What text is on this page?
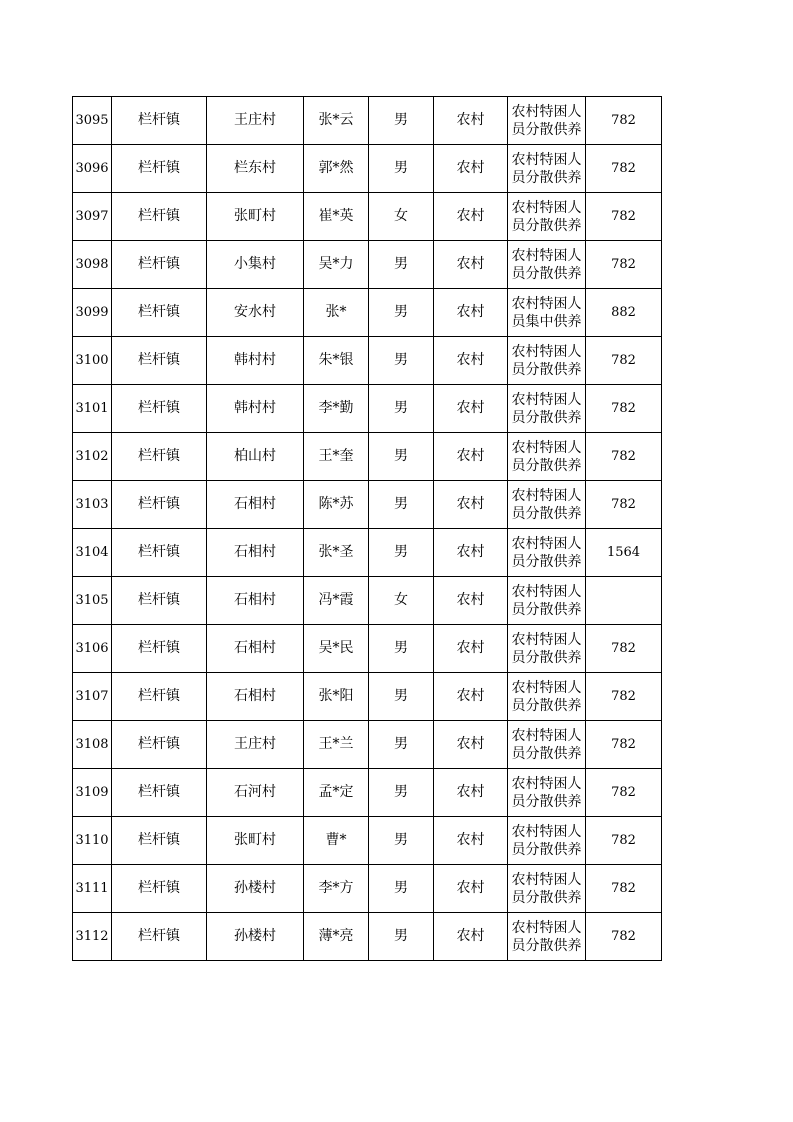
3095	栏杆镇	王庄村	张*云	男	农村	农村特困人员分散供养	782
3096	栏杆镇	栏东村	郭*然	男	农村	农村特困人员分散供养	782
3097	栏杆镇	张町村	崔*英	女	农村	农村特困人员分散供养	782
3098	栏杆镇	小集村	吴*力	男	农村	农村特困人员分散供养	782
3099	栏杆镇	安水村	张*	男	农村	农村特困人员集中供养	882
3100	栏杆镇	韩村村	朱*银	男	农村	农村特困人员分散供养	782
3101	栏杆镇	韩村村	李*勤	男	农村	农村特困人员分散供养	782
3102	栏杆镇	柏山村	王*奎	男	农村	农村特困人员分散供养	782
3103	栏杆镇	石相村	陈*苏	男	农村	农村特困人员分散供养	782
3104	栏杆镇	石相村	张*圣	男	农村	农村特困人员分散供养	1564
3105	栏杆镇	石相村	冯*霞	女	农村	农村特困人员分散供养	
3106	栏杆镇	石相村	吴*民	男	农村	农村特困人员分散供养	782
3107	栏杆镇	石相村	张*阳	男	农村	农村特困人员分散供养	782
3108	栏杆镇	王庄村	王*兰	男	农村	农村特困人员分散供养	782
3109	栏杆镇	石河村	孟*定	男	农村	农村特困人员分散供养	782
3110	栏杆镇	张町村	曹*	男	农村	农村特困人员分散供养	782
3111	栏杆镇	孙楼村	李*方	男	农村	农村特困人员分散供养	782
3112	栏杆镇	孙楼村	薄*亮	男	农村	农村特困人员分散供养	782
